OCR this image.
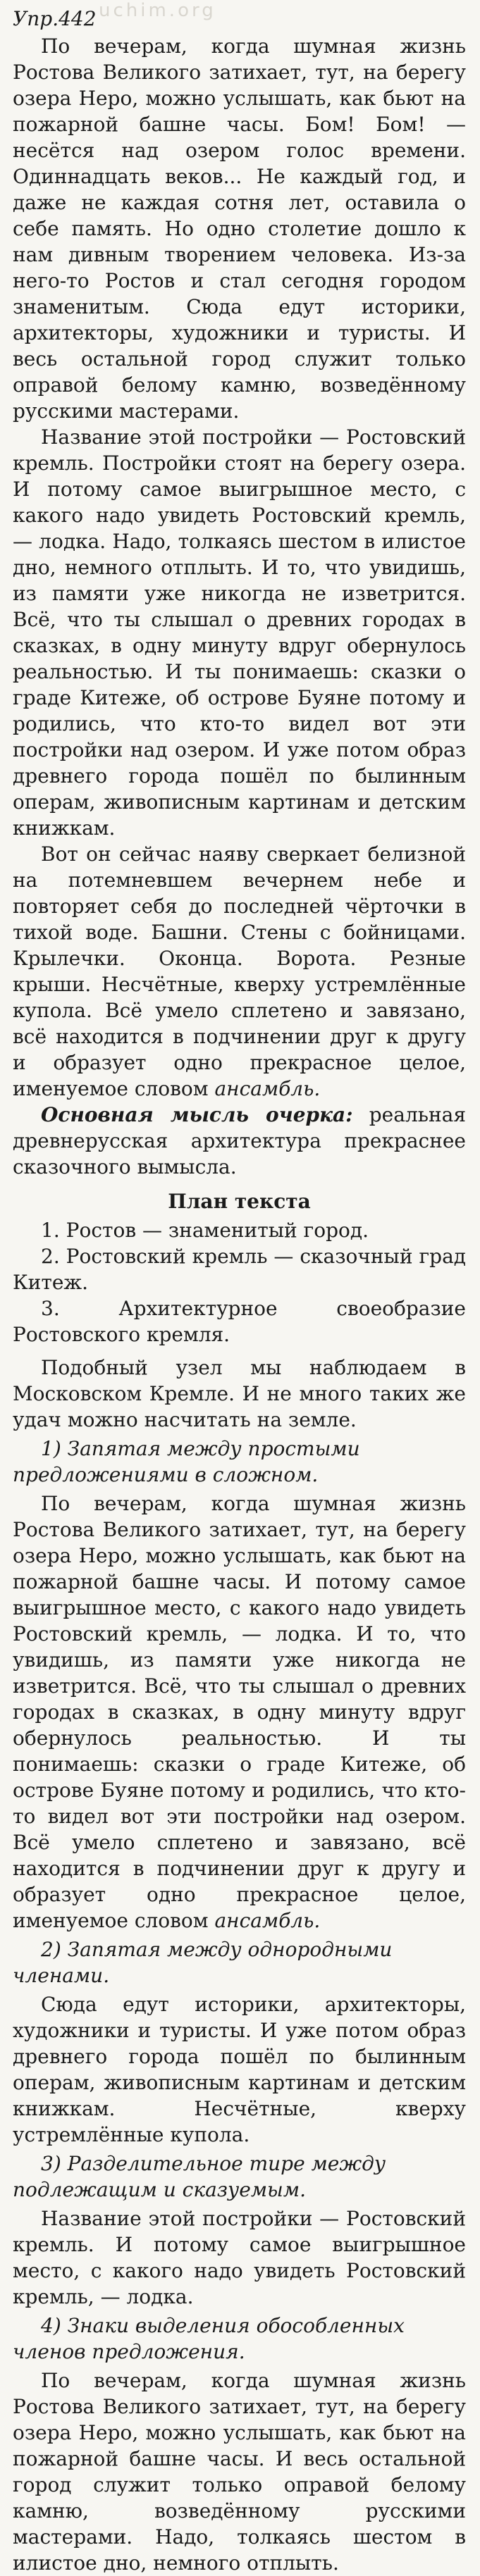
uchim.org
Упр.442

По вечерам, когда шумная жизнь Ростова Великого затихает, тут, на берегу озера Неро, можно услышать, как бьют на пожарной башне часы. Бом! Бом! — несётся над озером голос времени. Одиннадцать веков... Не каждый год, и даже не каждая сотня лет, оставила о себе память. Но одно столетие дошло к нам дивным творением человека. Из-за него-то Ростов и стал сегодня городом знаменитым. Сюда едут историки, архитекторы, художники и туристы. И весь остальной город служит только оправой белому камню, возведённому русскими мастерами.

Название этой постройки — Ростовский кремль. Постройки стоят на берегу озера. И потому самое выигрышное место, с какого надо увидеть Ростовский кремль, — лодка. Надо, толкаясь шестом в илистое дно, немного отплыть. И то, что увидишь, из памяти уже никогда не изветрится. Всё, что ты слышал о древних городах в сказках, в одну минуту вдруг обернулось реальностью. И ты понимаешь: сказки о граде Китеже, об острове Буяне потому и родились, что кто-то видел вот эти постройки над озером. И уже потом образ древнего города пошёл по былинным операм, живописным картинам и детским книжкам.

Вот он сейчас наяву сверкает белизной на потемневшем вечернем небе и повторяет себя до последней чёрточки в тихой воде. Башни. Стены с бойницами. Крылечки. Оконца. Ворота. Резные крыши. Несчётные, кверху устремлённые купола. Всё умело сплетено и завязано, всё находится в подчинении друг к другу и образует одно прекрасное целое, именуемое словом ансамбль.

Основная мысль очерка: реальная древнерусская архитектура прекраснее сказочного вымысла.

План текста
1. Ростов — знаменитый город.
2. Ростовский кремль — сказочный град Китеж.
3. Архитектурное своеобразие Ростовского кремля.

Подобный узел мы наблюдаем в Московском Кремле. И не много таких же удач можно насчитать на земле.

1) Запятая между простыми предложениями в сложном.

По вечерам, когда шумная жизнь Ростова Великого затихает, тут, на берегу озера Неро, можно услышать, как бьют на пожарной башне часы. И потому самое выигрышное место, с какого надо увидеть Ростовский кремль, — лодка. И то, что увидишь, из памяти уже никогда не изветрится. Всё, что ты слышал о древних городах в сказках, в одну минуту вдруг обернулось реальностью. И ты понимаешь: сказки о граде Китеже, об острове Буяне потому и родились, что кто-то видел вот эти постройки над озером. Всё умело сплетено и завязано, всё находится в подчинении друг к другу и образует одно прекрасное целое, именуемое словом ансамбль.

2) Запятая между однородными членами.

Сюда едут историки, архитекторы, художники и туристы. И уже потом образ древнего города пошёл по былинным операм, живописным картинам и детским книжкам. Несчётные, кверху устремлённые купола.

3) Разделительное тире между подлежащим и сказуемым.

Название этой постройки — Ростовский кремль. И потому самое выигрышное место, с какого надо увидеть Ростовский кремль, — лодка.

4) Знаки выделения обособленных членов предложения.

По вечерам, когда шумная жизнь Ростова Великого затихает, тут, на берегу озера Неро, можно услышать, как бьют на пожарной башне часы. И весь остальной город служит только оправой белому камню, возведённому русскими мастерами. Надо, толкаясь шестом в илистое дно, немного отплыть.
